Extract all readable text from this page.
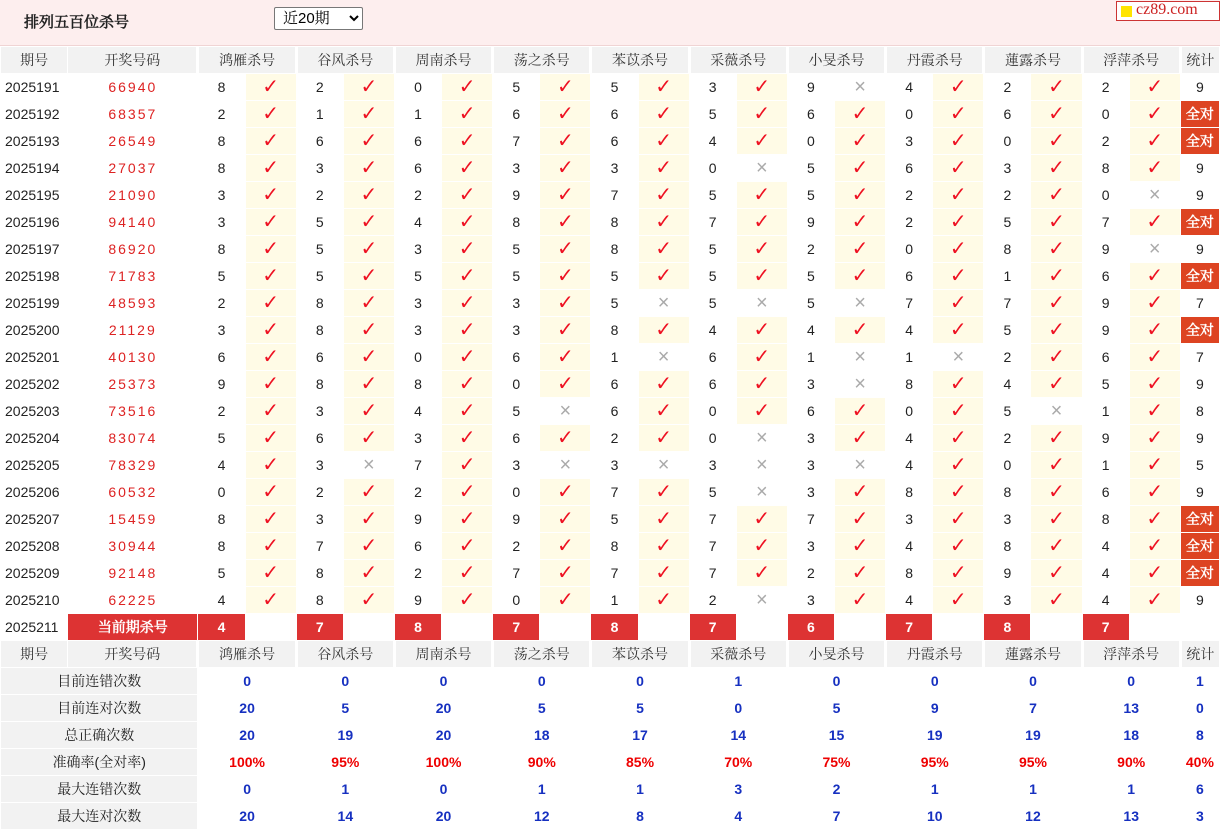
排列五百位杀号
近20期
cz89.com
期号	开奖号码	鸿雁杀号		谷风杀号		周南杀号		荡之杀号		苯苡杀号		采薇杀号		小旻杀号		丹霞杀号		蓮露杀号		浮萍杀号		统计
2025191	66940	8	✓	2	✓	0	✓	5	✓	5	✓	3	✓	9	×	4	✓	2	✓	2	✓	9
2025192	68357	2	✓	1	✓	1	✓	6	✓	6	✓	5	✓	6	✓	0	✓	6	✓	0	✓	全对
2025193	26549	8	✓	6	✓	6	✓	7	✓	6	✓	4	✓	0	✓	3	✓	0	✓	2	✓	全对
2025194	27037	8	✓	3	✓	6	✓	3	✓	3	✓	0	×	5	✓	6	✓	3	✓	8	✓	9
2025195	21090	3	✓	2	✓	2	✓	9	✓	7	✓	5	✓	5	✓	2	✓	2	✓	0	×	9
2025196	94140	3	✓	5	✓	4	✓	8	✓	8	✓	7	✓	9	✓	2	✓	5	✓	7	✓	全对
2025197	86920	8	✓	5	✓	3	✓	5	✓	8	✓	5	✓	2	✓	0	✓	8	✓	9	×	9
2025198	71783	5	✓	5	✓	5	✓	5	✓	5	✓	5	✓	5	✓	6	✓	1	✓	6	✓	全对
2025199	48593	2	✓	8	✓	3	✓	3	✓	5	×	5	×	5	×	7	✓	7	✓	9	✓	7
2025200	21129	3	✓	8	✓	3	✓	3	✓	8	✓	4	✓	4	✓	4	✓	5	✓	9	✓	全对
2025201	40130	6	✓	6	✓	0	✓	6	✓	1	×	6	✓	1	×	1	×	2	✓	6	✓	7
2025202	25373	9	✓	8	✓	8	✓	0	✓	6	✓	6	✓	3	×	8	✓	4	✓	5	✓	9
2025203	73516	2	✓	3	✓	4	✓	5	×	6	✓	0	✓	6	✓	0	✓	5	×	1	✓	8
2025204	83074	5	✓	6	✓	3	✓	6	✓	2	✓	0	×	3	✓	4	✓	2	✓	9	✓	9
2025205	78329	4	✓	3	×	7	✓	3	×	3	×	3	×	3	×	4	✓	0	✓	1	✓	5
2025206	60532	0	✓	2	✓	2	✓	0	✓	7	✓	5	×	3	✓	8	✓	8	✓	6	✓	9
2025207	15459	8	✓	3	✓	9	✓	9	✓	5	✓	7	✓	7	✓	3	✓	3	✓	8	✓	全对
2025208	30944	8	✓	7	✓	6	✓	2	✓	8	✓	7	✓	3	✓	4	✓	8	✓	4	✓	全对
2025209	92148	5	✓	8	✓	2	✓	7	✓	7	✓	7	✓	2	✓	8	✓	9	✓	4	✓	全对
2025210	62225	4	✓	8	✓	9	✓	0	✓	1	✓	2	×	3	✓	4	✓	3	✓	4	✓	9
2025211	当前期杀号	4		7		8		7		8		7		6		7		8		7		
期号	开奖号码	鸿雁杀号		谷风杀号		周南杀号		荡之杀号		苯苡杀号		采薇杀号		小旻杀号		丹霞杀号		蓮露杀号		浮萍杀号		统计
目前连错次数		0		0		0		0		0		1		0		0		0		0		1
目前连对次数		20		5		20		5		5		0		5		9		7		13		0
总正确次数		20		19		20		18		17		14		15		19		19		18		8
准确率(全对率)		100%		95%		100%		90%		85%		70%		75%		95%		95%		90%		40%
最大连错次数		0		1		0		1		1		3		2		1		1		1		6
最大连对次数		20		14		20		12		8		4		7		10		12		13		3
